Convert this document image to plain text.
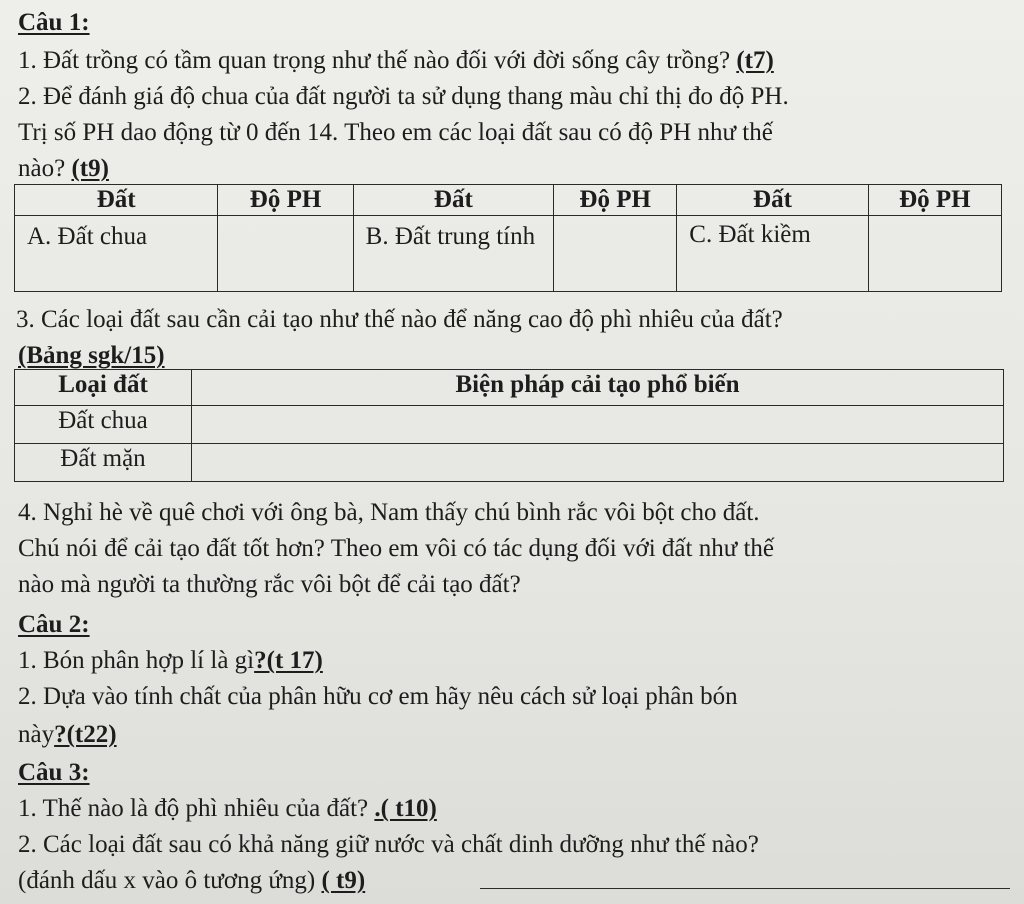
Câu 1:
1. Đất trồng có tầm quan trọng như thế nào đối với đời sống cây trồng? (t7)
2. Để đánh giá độ chua của đất người ta sử dụng thang màu chỉ thị đo độ PH.
Trị số PH dao động từ 0 đến 14. Theo em các loại đất sau có độ PH như thế
nào? (t9)
Đất	Độ PH	Đất	Độ PH	Đất	Độ PH
A. Đất chua		B. Đất trung tính		C. Đất kiềm	
3. Các loại đất sau cần cải tạo như thế nào để năng cao độ phì nhiêu của đất?
(Bảng sgk/15)
Loại đất	Biện pháp cải tạo phổ biến
Đất chua	
Đất mặn	
4. Nghỉ hè về quê chơi với ông bà, Nam thấy chú bình rắc vôi bột cho đất.
Chú nói để cải tạo đất tốt hơn? Theo em vôi có tác dụng đối với đất như thế
nào mà người ta thường rắc vôi bột để cải tạo đất?
Câu 2:
1. Bón phân hợp lí là gì?(t 17)
2. Dựa vào tính chất của phân hữu cơ em hãy nêu cách sử loại phân bón
này?(t22)
Câu 3:
1. Thế nào là độ phì nhiêu của đất? .( t10)
2. Các loại đất sau có khả năng giữ nước và chất dinh dưỡng như thế nào?
(đánh dấu x vào ô tương ứng) ( t9)
